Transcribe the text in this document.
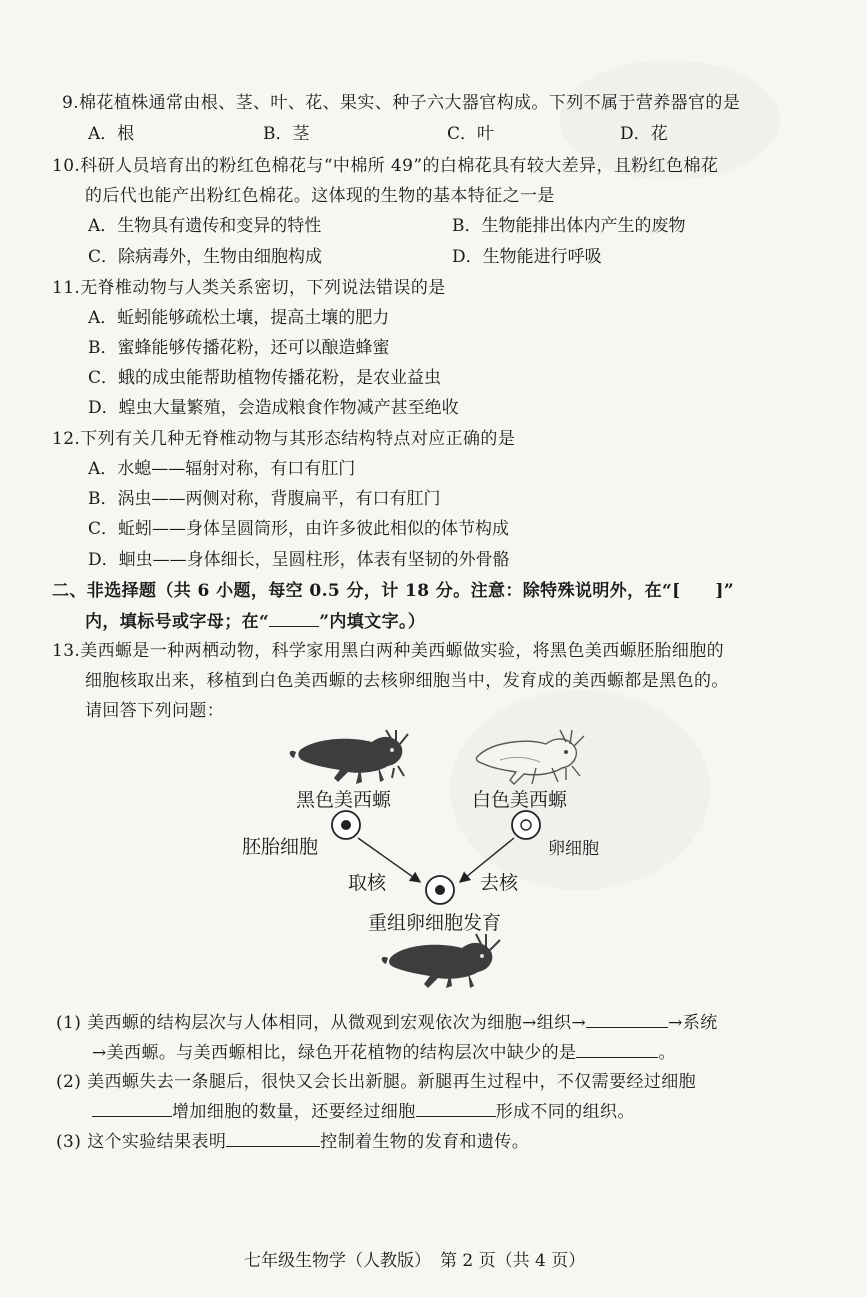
9.棉花植株通常由根、茎、叶、花、果实、种子六大器官构成。下列不属于营养器官的是
A．根	B．茎	C．叶	D．花
10.科研人员培育出的粉红色棉花与“中棉所 49”的白棉花具有较大差异，且粉红色棉花
的后代也能产出粉红色棉花。这体现的生物的基本特征之一是
A．生物具有遗传和变异的特性	B．生物能排出体内产生的废物
C．除病毒外，生物由细胞构成	D．生物能进行呼吸
11.无脊椎动物与人类关系密切，下列说法错误的是
A．蚯蚓能够疏松土壤，提高土壤的肥力
B．蜜蜂能够传播花粉，还可以酿造蜂蜜
C．蛾的成虫能帮助植物传播花粉，是农业益虫
D．蝗虫大量繁殖，会造成粮食作物减产甚至绝收
12.下列有关几种无脊椎动物与其形态结构特点对应正确的是
A．水螅——辐射对称，有口有肛门
B．涡虫——两侧对称，背腹扁平，有口有肛门
C．蚯蚓——身体呈圆筒形，由许多彼此相似的体节构成
D．蛔虫——身体细长，呈圆柱形，体表有坚韧的外骨骼
二、非选择题（共 6 小题，每空 0.5 分，计 18 分。注意：除特殊说明外，在“[　　]”
内，填标号或字母；在“	”内填文字。）
13.美西螈是一种两栖动物，科学家用黑白两种美西螈做实验，将黑色美西螈胚胎细胞的
细胞核取出来，移植到白色美西螈的去核卵细胞当中，发育成的美西螈都是黑色的。
请回答下列问题：
黑色美西螈	白色美西螈
胚胎细胞	卵细胞
取核	去核
重组卵细胞发育
(1) 美西螈的结构层次与人体相同，从微观到宏观依次为细胞→组织→	→系统
→美西螈。与美西螈相比，绿色开花植物的结构层次中缺少的是	。
(2) 美西螈失去一条腿后，很快又会长出新腿。新腿再生过程中，不仅需要经过细胞
增加细胞的数量，还要经过细胞	形成不同的组织。
(3) 这个实验结果表明	控制着生物的发育和遗传。
七年级生物学（人教版） 第 2 页（共 4 页）
